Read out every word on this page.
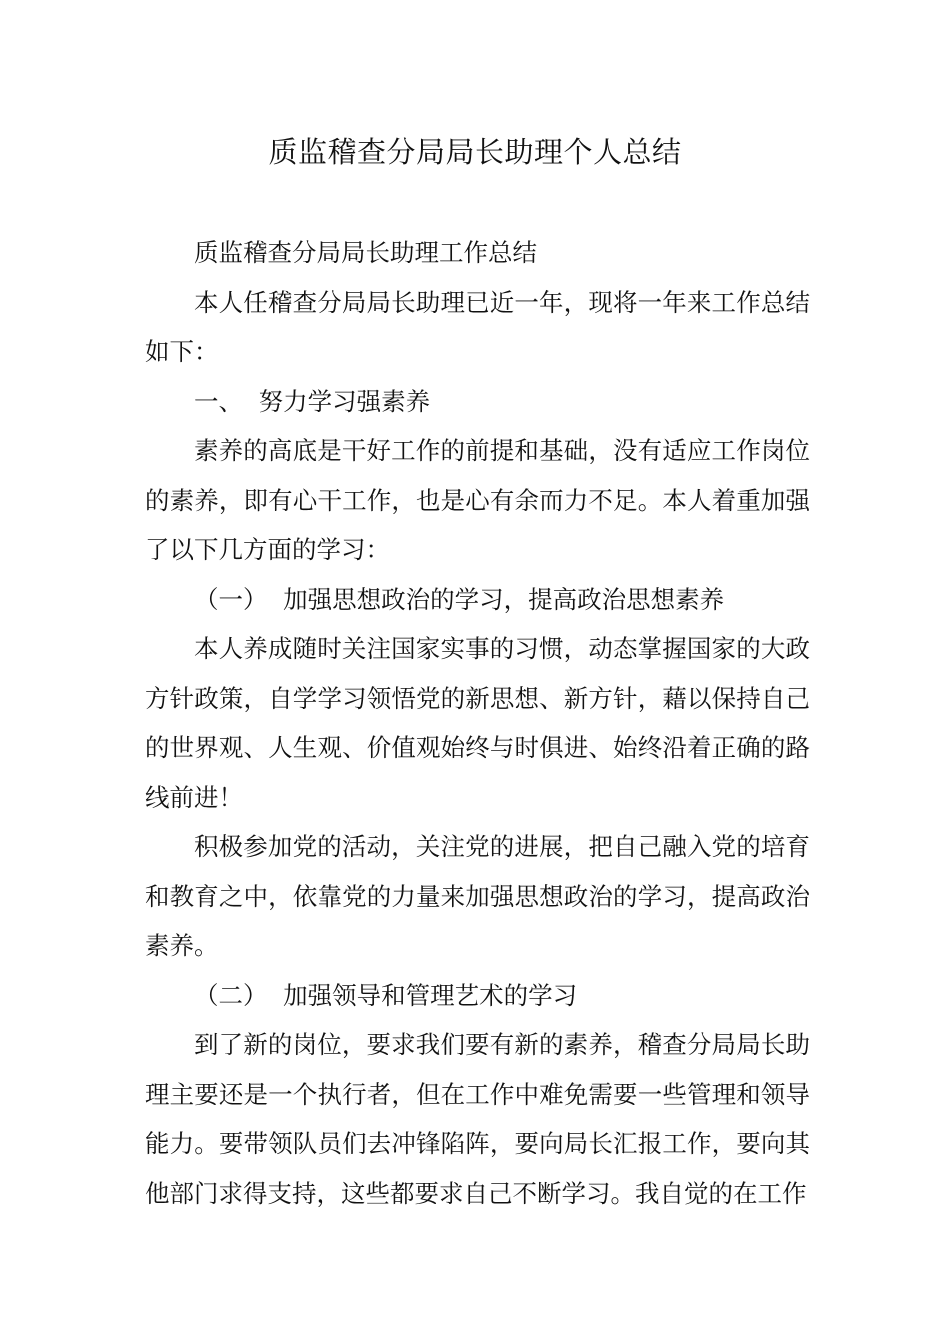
质监稽查分局局长助理个人总结

质监稽查分局局长助理工作总结

本人任稽查分局局长助理已近一年，现将一年来工作总结如下：

一、  努力学习强素养

素养的高底是干好工作的前提和基础，没有适应工作岗位的素养，即有心干工作，也是心有余而力不足。本人着重加强了以下几方面的学习：

（一）  加强思想政治的学习，提高政治思想素养

本人养成随时关注国家实事的习惯，动态掌握国家的大政方针政策，自学学习领悟党的新思想、新方针，藉以保持自己的世界观、人生观、价值观始终与时俱进、始终沿着正确的路线前进！

积极参加党的活动，关注党的进展，把自己融入党的培育和教育之中，依靠党的力量来加强思想政治的学习，提高政治素养。

（二）  加强领导和管理艺术的学习

到了新的岗位，要求我们要有新的素养，稽查分局局长助理主要还是一个执行者，但在工作中难免需要一些管理和领导能力。要带领队员们去冲锋陷阵，要向局长汇报工作，要向其他部门求得支持，这些都要求自己不断学习。我自觉的在工作
